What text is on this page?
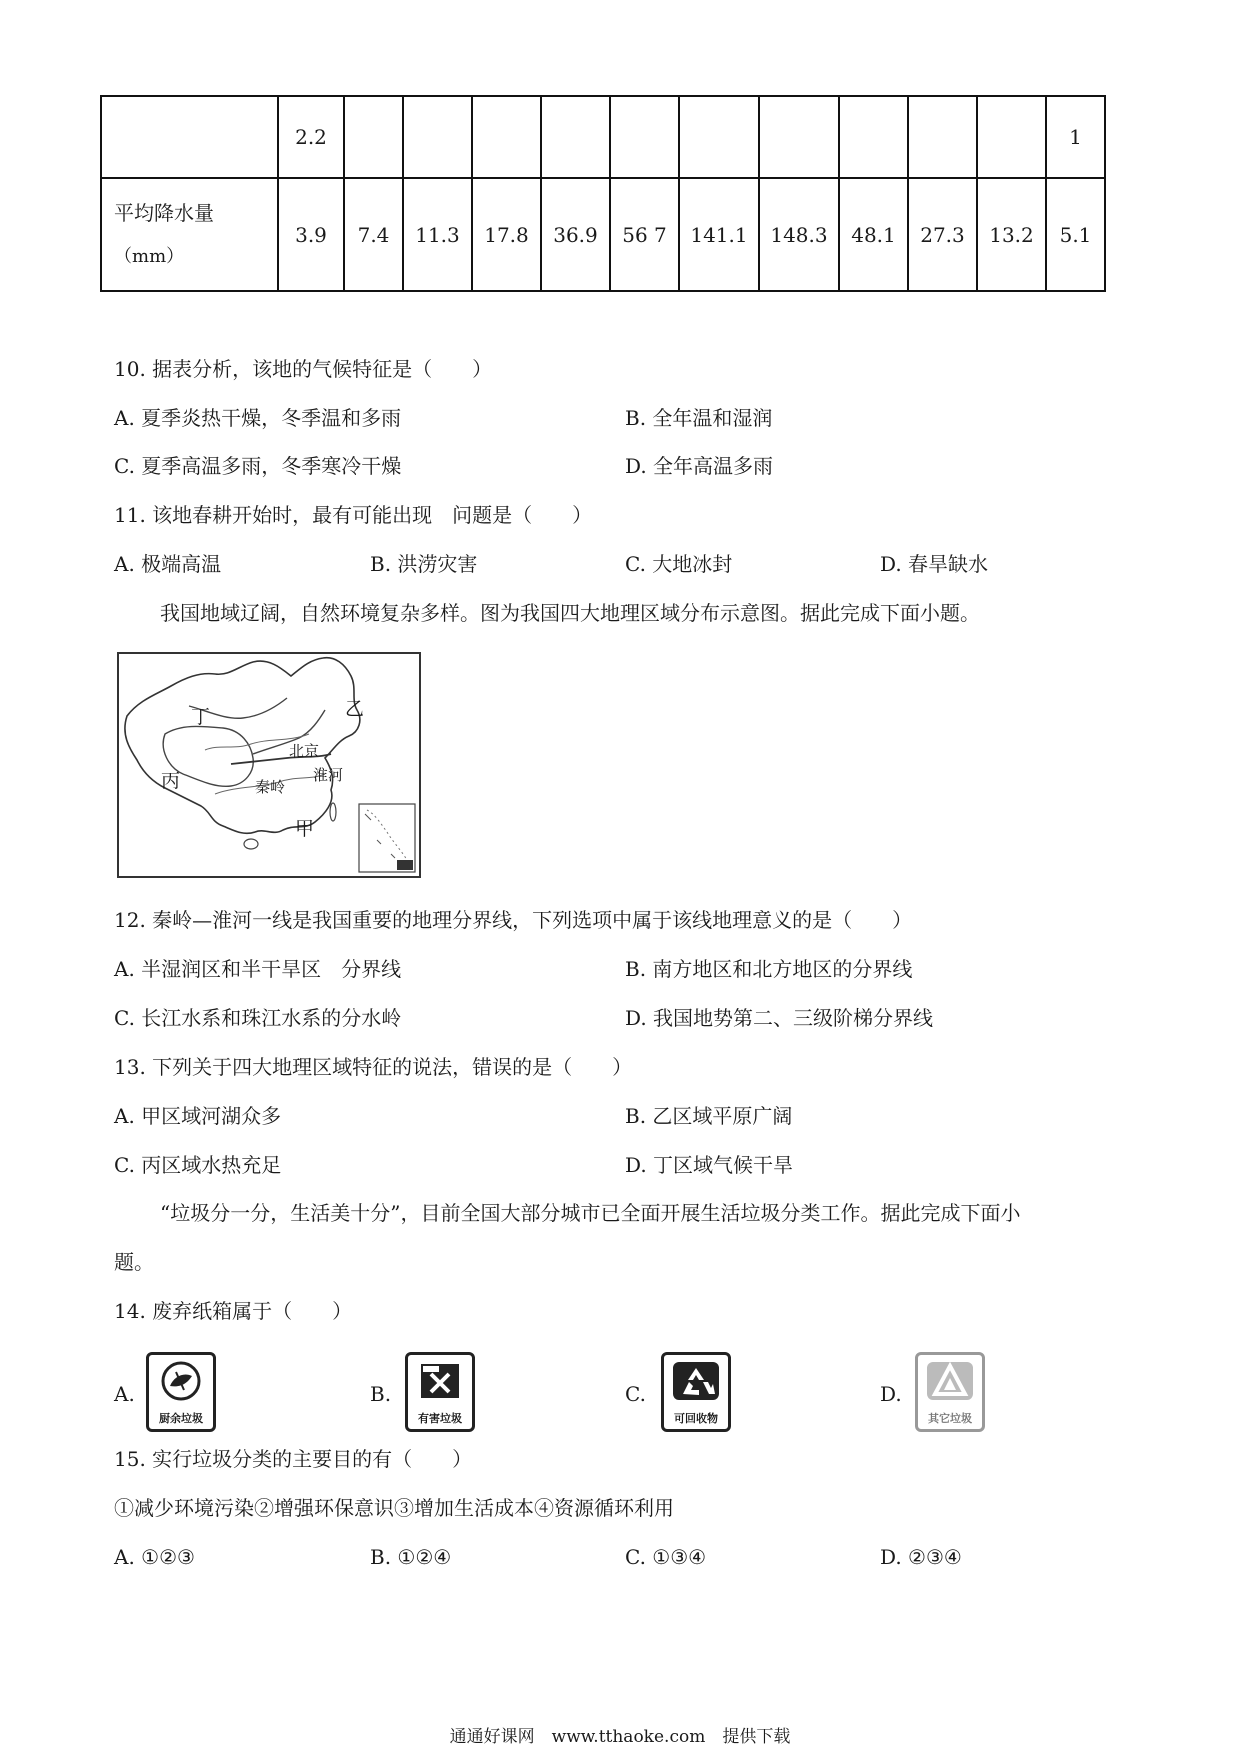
	2.2											1

平均降水量
（mm）	3.9	7.4	11.3	17.8	36.9	56 7	141.1	148.3	48.1	27.3	13.2	5.1
10. 据表分析，该地的气候特征是（　　）
A. 夏季炎热干燥，冬季温和多雨	B. 全年温和湿润
C. 夏季高温多雨，冬季寒冷干燥	D. 全年高温多雨
11. 该地春耕开始时，最有可能出现　问题是（　　）
A. 极端高温	B. 洪涝灾害	C. 大地冰封	D. 春旱缺水
我国地域辽阔，自然环境复杂多样。图为我国四大地理区域分布示意图。据此完成下面小题。
丁	乙
丙
甲
北京
淮河
秦岭
12. 秦岭—淮河一线是我国重要的地理分界线，下列选项中属于该线地理意义的是（　　）
A. 半湿润区和半干旱区　分界线	B. 南方地区和北方地区的分界线
C. 长江水系和珠江水系的分水岭	D. 我国地势第二、三级阶梯分界线
13. 下列关于四大地理区域特征的说法，错误的是（　　）
A. 甲区域河湖众多	B. 乙区域平原广阔
C. 丙区域水热充足	D. 丁区域气候干旱
“垃圾分一分，生活美十分”，目前全国大部分城市已全面开展生活垃圾分类工作。据此完成下面小
题。
14. 废弃纸箱属于（　　）
A.
厨余垃圾
B.
有害垃圾
C.
可回收物
D.
其它垃圾
15. 实行垃圾分类的主要目的有（　　）
①减少环境污染②增强环保意识③增加生活成本④资源循环利用
A. ①②③	B. ①②④	C. ①③④	D. ②③④
通通好课网　www.tthaoke.com　提供下载
